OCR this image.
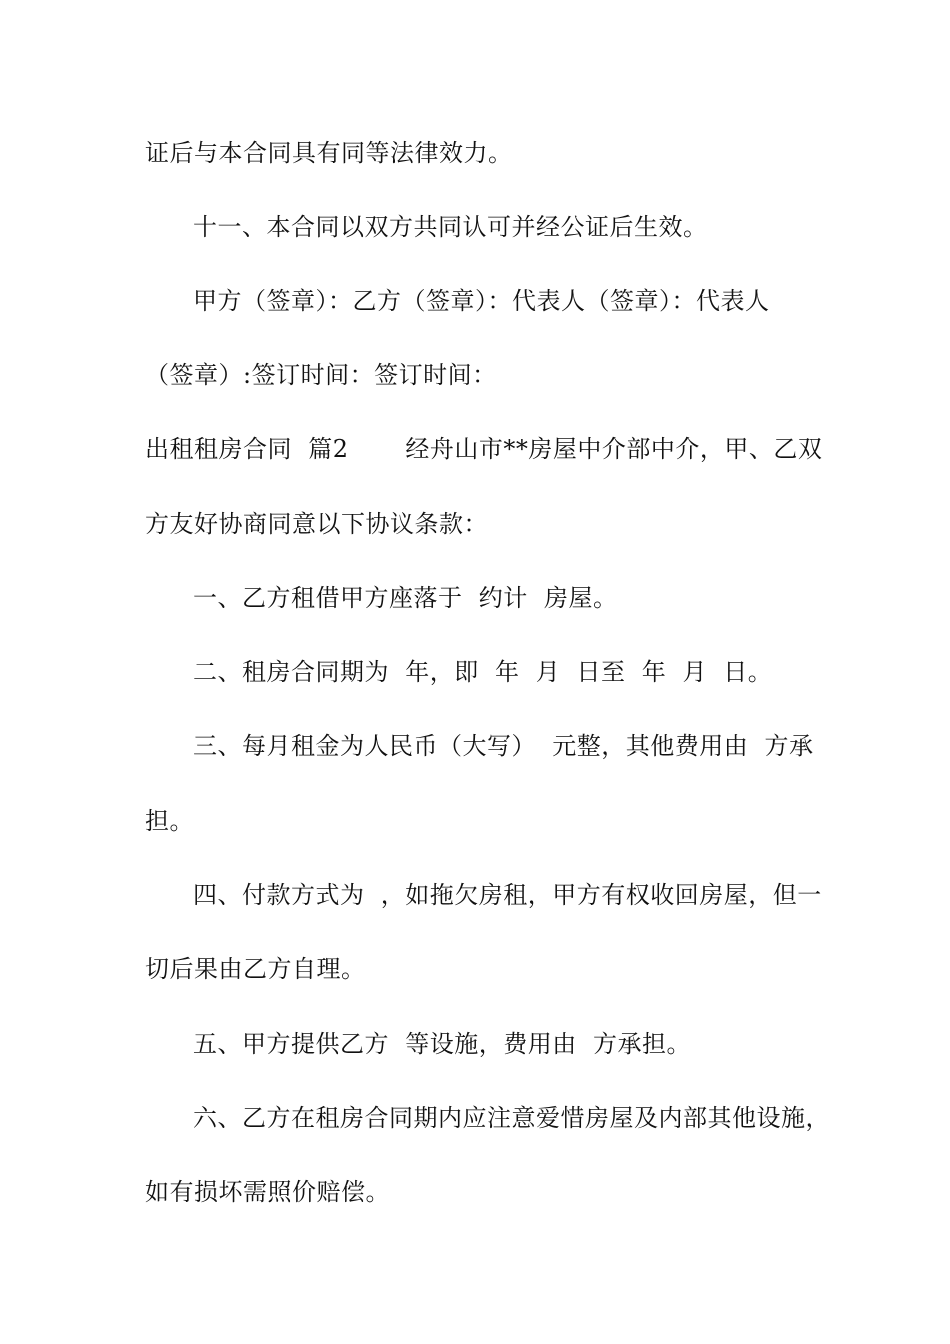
证后与本合同具有同等法律效力。
十一、本合同以双方共同认可并经公证后生效。
甲方（签章）：乙方（签章）：代表人（签章）：代表人
（签章）:签订时间：签订时间：
出租租房合同  篇2       经舟山市**房屋中介部中介，甲、乙双
方友好协商同意以下协议条款：
一、乙方租借甲方座落于  约计  房屋。
二、租房合同期为  年，即  年  月  日至  年  月  日。
三、每月租金为人民币（大写）  元整，其他费用由  方承
担。
四、付款方式为  ，如拖欠房租，甲方有权收回房屋，但一
切后果由乙方自理。
五、甲方提供乙方  等设施，费用由  方承担。
六、乙方在租房合同期内应注意爱惜房屋及内部其他设施，
如有损坏需照价赔偿。
